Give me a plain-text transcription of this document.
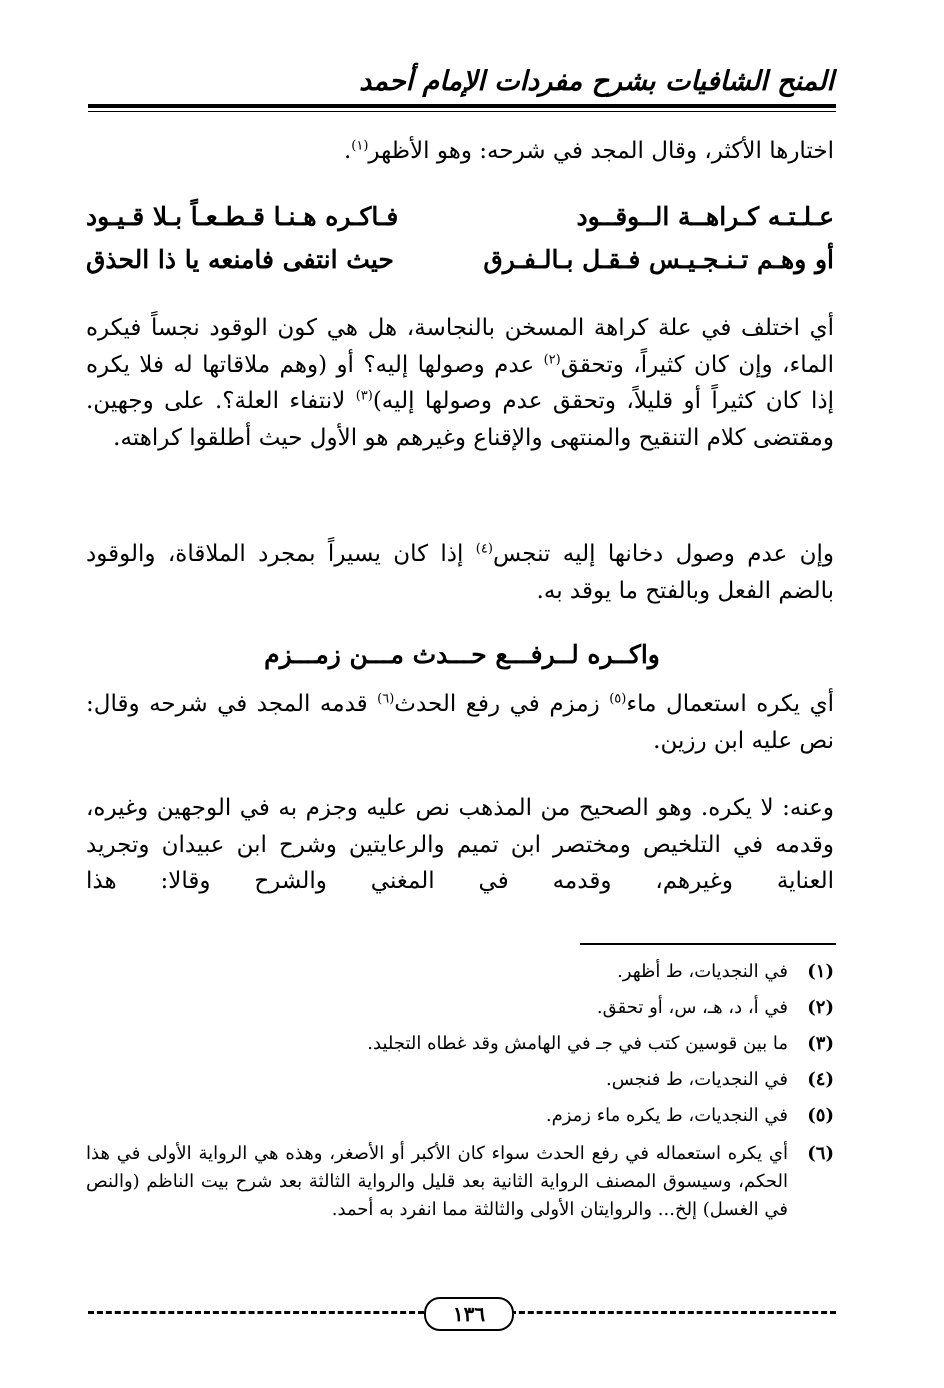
المنح الشافيات بشرح مفردات الإمام أحمد
اختارها الأكثر، وقال المجد في شرحه: وهو الأظهر$^{(١)}$.
عـلـتـه كـراهــة الــوقــود
فـاكـره هـنـا قـطـعـاً بـلا قـيـود
أو وهـم تـنـجـيـس فـقـل بـالـفـرق
حيث انتفى فامنعه يا ذا الحذق
أي اختلف في علة كراهة المسخن بالنجاسة، هل هي كون الوقود نجساً فيكره الماء، وإن كان كثيراً، وتحقق$^{(٢)}$ عدم وصولها إليه؟ أو (وهم ملاقاتها له فلا يكره إذا كان كثيراً أو قليلاً، وتحقق عدم وصولها إليه)$^{(٣)}$ لانتفاء العلة؟. على وجهين. ومقتضى كلام التنقيح والمنتهى والإقناع وغيرهم هو الأول حيث أطلقوا كراهته.
وإن عدم وصول دخانها إليه تنجس$^{(٤)}$ إذا كان يسيراً بمجرد الملاقاة، والوقود بالضم الفعل وبالفتح ما يوقد به.
واكــره لــرفـــع حـــدث مـــن زمـــزم
أي يكره استعمال ماء$^{(٥)}$ زمزم في رفع الحدث$^{(٦)}$ قدمه المجد في شرحه وقال: نص عليه ابن رزين.
وعنه: لا يكره. وهو الصحيح من المذهب نص عليه وجزم به في الوجهين وغيره، وقدمه في التلخيص ومختصر ابن تميم والرعايتين وشرح ابن عبيدان وتجريد العناية وغيرهم، وقدمه في المغني والشرح وقالا: هذا
(١)
في النجديات، ط أظهر.
(٢)
في أ، د، هـ، س، أو تحقق.
(٣)
ما بين قوسين كتب في جـ في الهامش وقد غطاه التجليد.
(٤)
في النجديات، ط فنجس.
(٥)
في النجديات، ط يكره ماء زمزم.
(٦)
أي يكره استعماله في رفع الحدث سواء كان الأكبر أو الأصغر، وهذه هي الرواية الأولى في هذا الحكم، وسيسوق المصنف الرواية الثانية بعد قليل والرواية الثالثة بعد شرح بيت الناظم (والنص في الغسل) إلخ... والروايتان الأولى والثالثة مما انفرد به أحمد.
١٣٦
